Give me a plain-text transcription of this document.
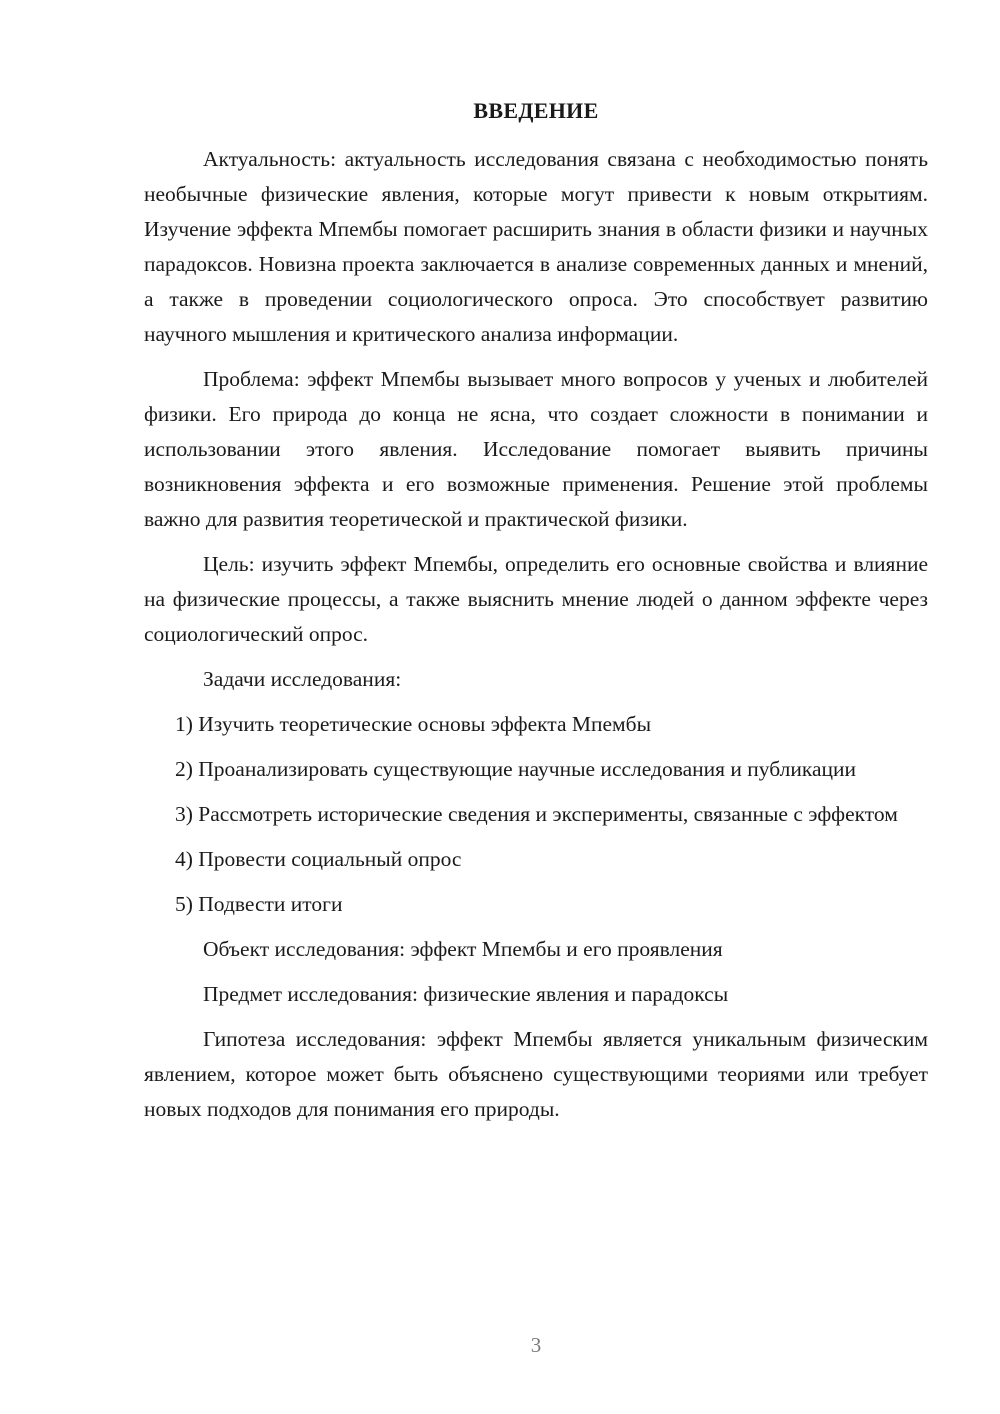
ВВЕДЕНИЕ

Актуальность: актуальность исследования связана с необходимостью понять необычные физические явления, которые могут привести к новым открытиям. Изучение эффекта Мпембы помогает расширить знания в области физики и научных парадоксов. Новизна проекта заключается в анализе современных данных и мнений, а также в проведении социологического опроса. Это способствует развитию научного мышления и критического анализа информации.

Проблема: эффект Мпембы вызывает много вопросов у ученых и любителей физики. Его природа до конца не ясна, что создает сложности в понимании и использовании этого явления. Исследование помогает выявить причины возникновения эффекта и его возможные применения. Решение этой проблемы важно для развития теоретической и практической физики.

Цель: изучить эффект Мпембы, определить его основные свойства и влияние на физические процессы, а также выяснить мнение людей о данном эффекте через социологический опрос.

Задачи исследования:

1) Изучить теоретические основы эффекта Мпембы

2) Проанализировать существующие научные исследования и публикации

3) Рассмотреть исторические сведения и эксперименты, связанные с эффектом

4) Провести социальный опрос

5) Подвести итоги

Объект исследования: эффект Мпембы и его проявления

Предмет исследования: физические явления и парадоксы

Гипотеза исследования: эффект Мпембы является уникальным физическим явлением, которое может быть объяснено существующими теориями или требует новых подходов для понимания его природы.

3
